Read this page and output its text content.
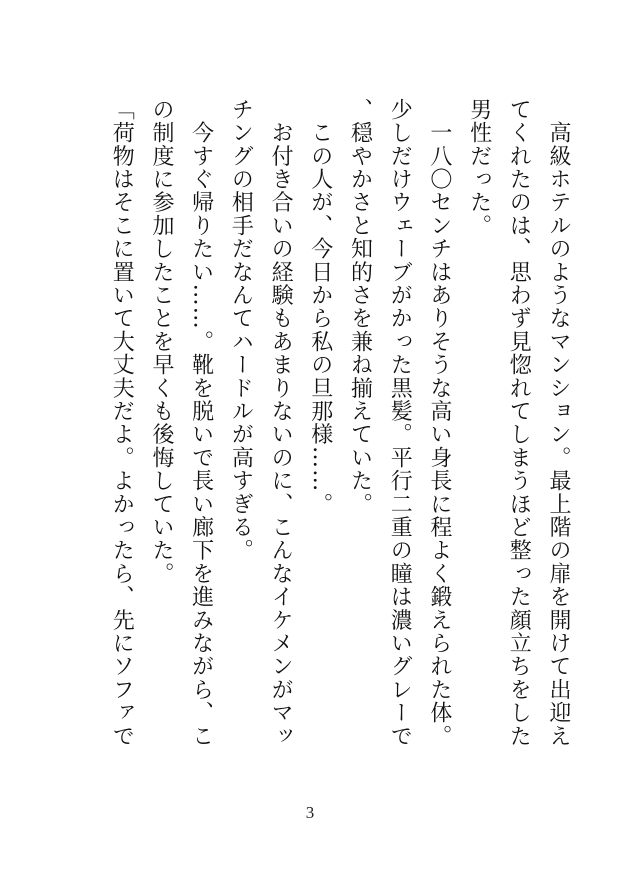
　高級ホテルのようなマンション。最上階の扉を開けて出迎え
てくれたのは、思わず見惚れてしまうほど整った顔立ちをした
男性だった。
　一八〇センチはありそうな高い身長に程よく鍛えられた体。
少しだけウェーブがかった黒髪。平行二重の瞳は濃いグレーで
、穏やかさと知的さを兼ね揃えていた。
　この人が、今日から私の旦那様……。
　お付き合いの経験もあまりないのに、こんなイケメンがマッ
チングの相手だなんてハードルが高すぎる。
　今すぐ帰りたい……。靴を脱いで長い廊下を進みながら、こ
の制度に参加したことを早くも後悔していた。
「荷物はそこに置いて大丈夫だよ。よかったら、先にソファで
3
